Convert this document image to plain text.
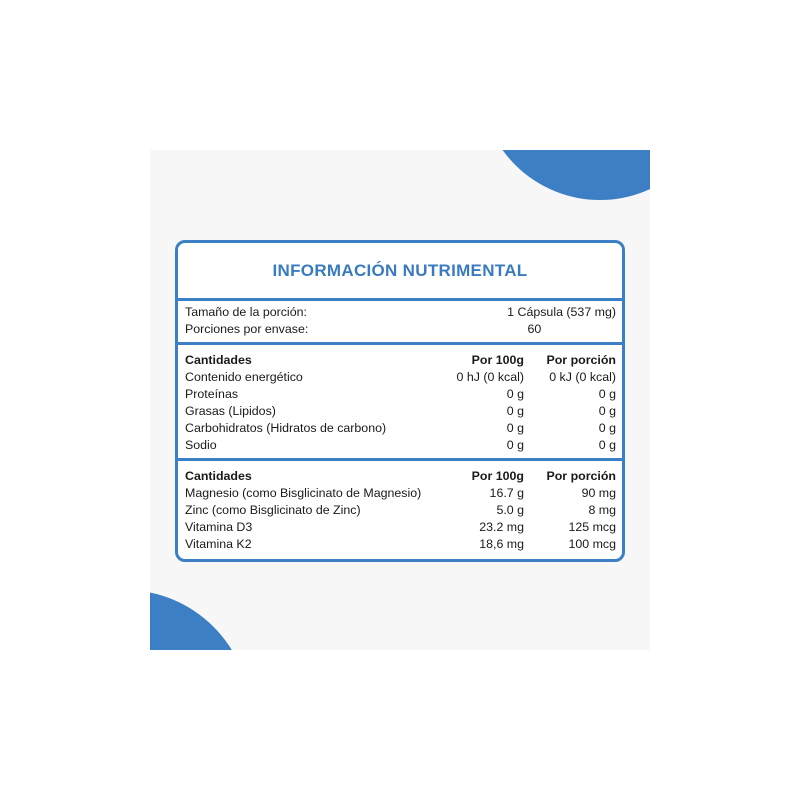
INFORMACIÓN NUTRIMENTAL
Tamaño de la porción:	1 Cápsula (537 mg)
Porciones por envase:	60
Cantidades	Por 100g	Por porción
Contenido energético	0 hJ (0 kcal)	0 kJ (0 kcal)
Proteínas	0 g	0 g
Grasas (Lipidos)	0 g	0 g
Carbohidratos (Hidratos de carbono)	0 g	0 g
Sodio	0 g	0 g
Cantidades	Por 100g	Por porción
Magnesio (como Bisglicinato de Magnesio)	16.7 g	90 mg
Zinc (como Bisglicinato de Zinc)	5.0 g	8 mg
Vitamina D3	23.2 mg	125 mcg
Vitamina K2	18,6 mg	100 mcg
